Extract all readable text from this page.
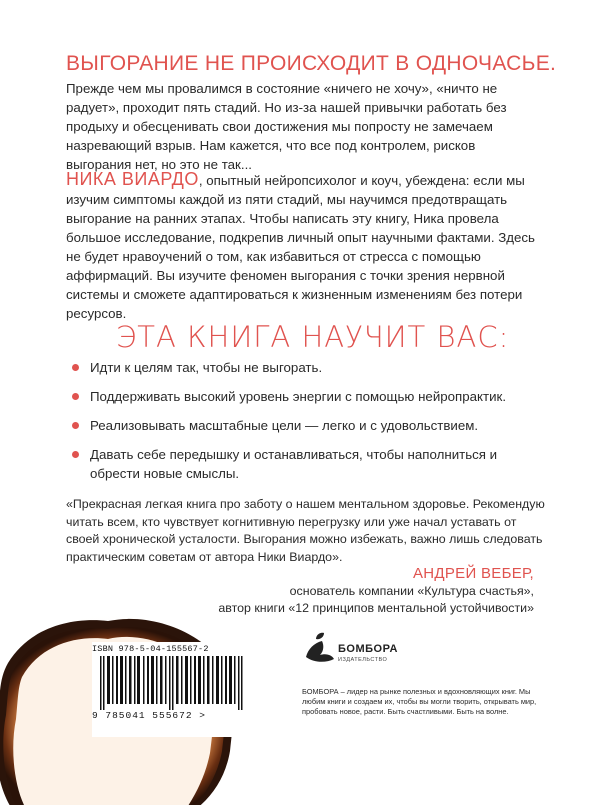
ВЫГОРАНИЕ НЕ ПРОИСХОДИТ В ОДНОЧАСЬЕ.

Прежде чем мы провалимся в состояние «ничего не хочу», «ничто не радует», проходит пять стадий. Но из-за нашей привычки работать без продыху и обесценивать свои достижения мы попросту не замечаем назревающий взрыв. Нам кажется, что все под контролем, рисков выгорания нет, но это не так...

НИКА ВИАРДО, опытный нейропсихолог и коуч, убеждена: если мы изучим симптомы каждой из пяти стадий, мы научимся предотвращать выгорание на ранних этапах. Чтобы написать эту книгу, Ника провела большое исследование, подкрепив личный опыт научными фактами. Здесь не будет нравоучений о том, как избавиться от стресса с помощью аффирмаций. Вы изучите феномен выгорания с точки зрения нервной системы и сможете адаптироваться к жизненным изменениям без потери ресурсов.

ЭТА КНИГА НАУЧИТ ВАС:
Идти к целям так, чтобы не выгорать.
Поддерживать высокий уровень энергии с помощью нейропрактик.
Реализовывать масштабные цели — легко и с удовольствием.
Давать себе передышку и останавливаться, чтобы наполниться и обрести новые смыслы.

«Прекрасная легкая книга про заботу о нашем ментальном здоровье. Рекомендую читать всем, кто чувствует когнитивную перегрузку или уже начал уставать от своей хронической усталости. Выгорания можно избежать, важно лишь следовать практическим советам от автора Ники Виардо».

АНДРЕЙ ВЕБЕР,
основатель компании «Культура счастья»,
автор книги «12 принципов ментальной устойчивости»
ISBN 978-5-04-155567-2
9 785041 555672 >
БОМБОРА
ИЗДАТЕЛЬСТВО

БОМБОРА – лидер на рынке полезных и вдохновляющих книг. Мы любим книги и создаем их, чтобы вы могли творить, открывать мир, пробовать новое, расти. Быть счастливыми. Быть на волне.
